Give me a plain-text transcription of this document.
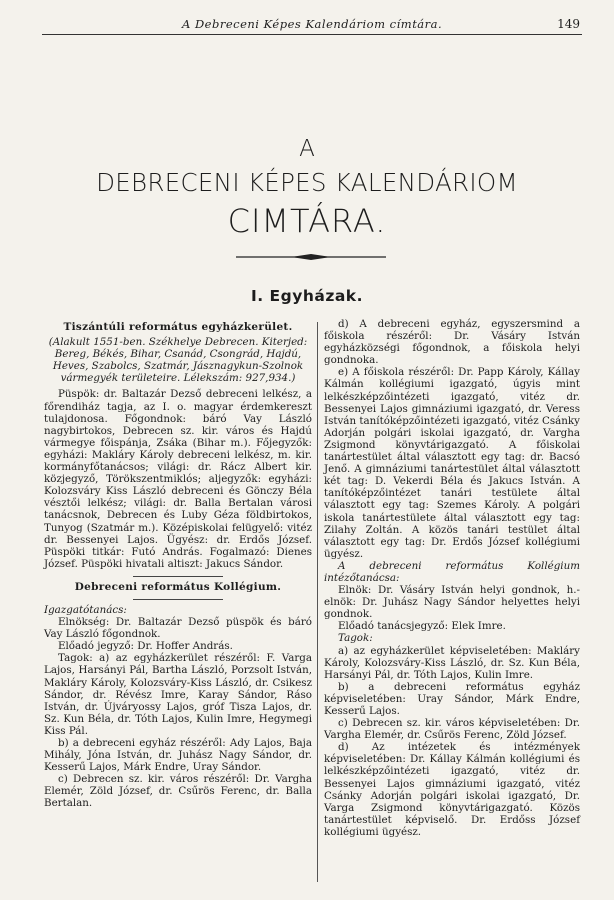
A Debreceni Képes Kalendáriom címtára.	149
A
DEBRECENI KÉPES KALENDÁRIOM
CIMTÁRA.
I. Egyházak.

Tiszántúli református egyházkerület.

(Alakult 1551-ben. Székhelye Debrecen. Kiterjed: Bereg, Békés, Bihar, Csanád, Csongrád, Hajdú, Heves, Szabolcs, Szatmár, Jásznagykun-Szolnok vármegyék területeire. Lélekszám: 927,934.)

Püspök: dr. Baltazár Dezső debreceni lelkész, a főrendiház tagja, az I. o. magyar érdemkereszt tulajdonosa. Főgondnok: báró Vay László nagybirtokos, Debrecen sz. kir. város és Hajdú vármegye főispánja, Zsáka (Bihar m.). Főjegyzők: egyházi: Makláry Károly debreceni lelkész, m. kir. kormányfőtanácsos; világi: dr. Rácz Albert kir. közjegyző, Törökszentmiklós; aljegyzők: egyházi: Kolozsváry Kiss László debreceni és Gönczy Béla vésztői lelkész; világi: dr. Balla Bertalan városi tanácsnok, Debrecen és Luby Géza földbirtokos, Tunyog (Szatmár m.). Középiskolai felügyelő: vitéz dr. Bessenyei Lajos. Ügyész: dr. Erdős József. Püspöki titkár: Futó András. Fogalmazó: Dienes József. Püspöki hivatali altiszt: Jakucs Sándor.

Debreceni református Kollégium.

Igazgatótanács:

Elnökség: Dr. Baltazár Dezső püspök és báró Vay László főgondnok.

Előadó jegyző: Dr. Hoffer András.

Tagok: a) az egyházkerület részéről: F. Varga Lajos, Harsányi Pál, Bartha László, Porzsolt István, Makláry Károly, Kolozsváry-Kiss László, dr. Csikesz Sándor, dr. Révész Imre, Karay Sándor, Ráso István, dr. Újváryossy Lajos, gróf Tisza Lajos, dr. Sz. Kun Béla, dr. Tóth Lajos, Kulin Imre, Hegymegi Kiss Pál.

b) a debreceni egyház részéről: Ady Lajos, Baja Mihály, Jóna István, dr. Juhász Nagy Sándor, dr. Kesserű Lajos, Márk Endre, Uray Sándor.

c) Debrecen sz. kir. város részéről: Dr. Vargha Elemér, Zöld József, dr. Csűrös Ferenc, dr. Balla Bertalan.

d) A debreceni egyház, egyszersmind a főiskola részéről: Dr. Vásáry István egyházközségi főgondnok, a főiskola helyi gondnoka.

e) A főiskola részéről: Dr. Papp Károly, Kállay Kálmán kollégiumi igazgató, úgyis mint lelkészképzőintézeti igazgató, vitéz dr. Bessenyei Lajos gimnáziumi igazgató, dr. Veress István tanítóképzőintézeti igazgató, vitéz Csánky Adorján polgári iskolai igazgató, dr. Vargha Zsigmond könyvtárigazgató. A főiskolai tanártestület által választott egy tag: dr. Bacsó Jenő. A gimnáziumi tanártestület által választott két tag: D. Vekerdi Béla és Jakucs István. A tanítóképzőintézet tanári testülete által választott egy tag: Szemes Károly. A polgári iskola tanártestülete által választott egy tag: Zilahy Zoltán. A közös tanári testület által választott egy tag: Dr. Erdős József kollégiumi ügyész.

A debreceni református Kollégium intézőtanácsa:

Elnök: Dr. Vásáry István helyi gondnok, h.-elnök: Dr. Juhász Nagy Sándor helyettes helyi gondnok.

Előadó tanácsjegyző: Elek Imre.

Tagok:

a) az egyházkerület képviseletében: Makláry Károly, Kolozsváry-Kiss László, dr. Sz. Kun Béla, Harsányi Pál, dr. Tóth Lajos, Kulin Imre.

b) a debreceni református egyház képviseletében: Uray Sándor, Márk Endre, Kesserű Lajos.

c) Debrecen sz. kir. város képviseletében: Dr. Vargha Elemér, dr. Csűrös Ferenc, Zöld József.

d) Az intézetek és intézmények képviseletében: Dr. Kállay Kálmán kollégiumi és lelkészképzőintézeti igazgató, vitéz dr. Bessenyei Lajos gimnáziumi igazgató, vitéz Csánky Adorján polgári iskolai igazgató, Dr. Varga Zsigmond könyvtárigazgató. Közös tanártestület képviselő. Dr. Erdőss József kollégiumi ügyész.
